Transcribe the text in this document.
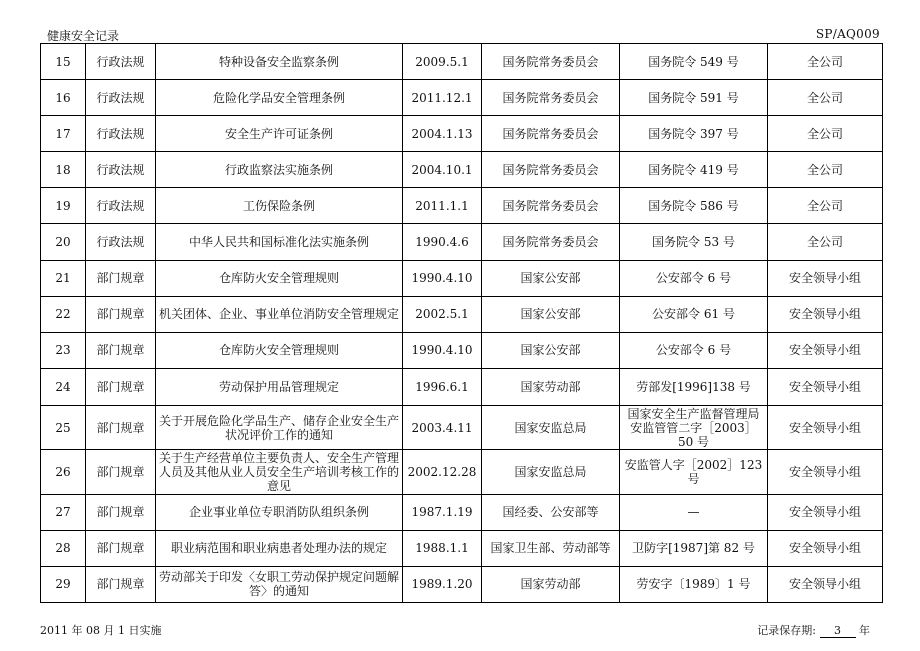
健康安全记录	SP/AQ009
15	行政法规	特种设备安全监察条例	2009.5.1	国务院常务委员会	国务院令 549 号	全公司
16	行政法规	危险化学品安全管理条例	2011.12.1	国务院常务委员会	国务院令 591 号	全公司
17	行政法规	安全生产许可证条例	2004.1.13	国务院常务委员会	国务院令 397 号	全公司
18	行政法规	行政监察法实施条例	2004.10.1	国务院常务委员会	国务院令 419 号	全公司
19	行政法规	工伤保险条例	2011.1.1	国务院常务委员会	国务院令 586 号	全公司
20	行政法规	中华人民共和国标准化法实施条例	1990.4.6	国务院常务委员会	国务院令 53 号	全公司
21	部门规章	仓库防火安全管理规则	1990.4.10	国家公安部	公安部令 6 号	安全领导小组
22	部门规章	机关团体、企业、事业单位消防安全管理规定	2002.5.1	国家公安部	公安部令 61 号	安全领导小组
23	部门规章	仓库防火安全管理规则	1990.4.10	国家公安部	公安部令 6 号	安全领导小组
24	部门规章	劳动保护用品管理规定	1996.6.1	国家劳动部	劳部发[1996]138 号	安全领导小组
25	部门规章	关于开展危险化学品生产、储存企业安全生产状况评价工作的通知	2003.4.11	国家安监总局	国家安全生产监督管理局安监管管二字［2003］50 号	安全领导小组
26	部门规章	关于生产经营单位主要负责人、安全生产管理人员及其他从业人员安全生产培训考核工作的意见	2002.12.28	国家安监总局	安监管人字［2002］123 号	安全领导小组
27	部门规章	企业事业单位专职消防队组织条例	1987.1.19	国经委、公安部等	—	安全领导小组
28	部门规章	职业病范围和职业病患者处理办法的规定	1988.1.1	国家卫生部、劳动部等	卫防字[1987]第 82 号	安全领导小组
29	部门规章	劳动部关于印发〈女职工劳动保护规定问题解答〉的通知	1989.1.20	国家劳动部	劳安字〔1989〕1 号	安全领导小组
2011 年 08 月 1 日实施	记录保存期: 3 年
